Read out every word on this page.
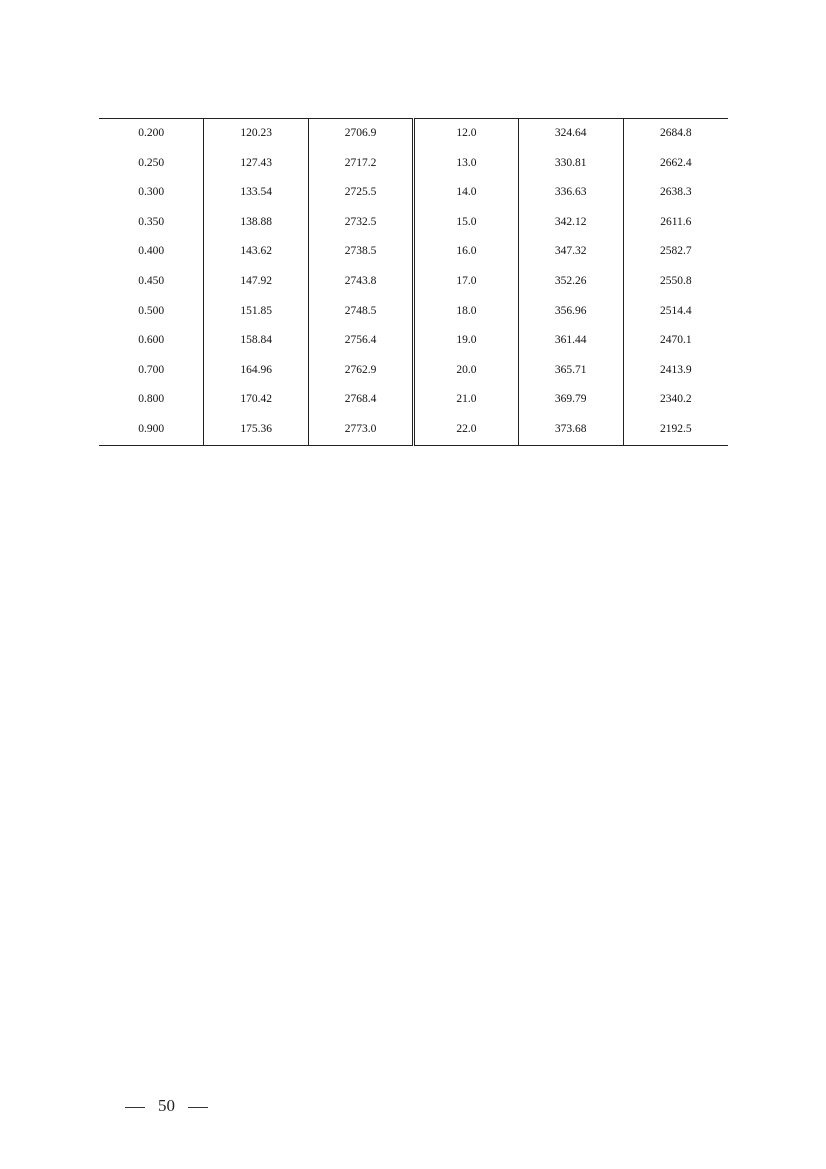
0.200	120.23	2706.9	12.0	324.64	2684.8
0.250	127.43	2717.2	13.0	330.81	2662.4
0.300	133.54	2725.5	14.0	336.63	2638.3
0.350	138.88	2732.5	15.0	342.12	2611.6
0.400	143.62	2738.5	16.0	347.32	2582.7
0.450	147.92	2743.8	17.0	352.26	2550.8
0.500	151.85	2748.5	18.0	356.96	2514.4
0.600	158.84	2756.4	19.0	361.44	2470.1
0.700	164.96	2762.9	20.0	365.71	2413.9
0.800	170.42	2768.4	21.0	369.79	2340.2
0.900	175.36	2773.0	22.0	373.68	2192.5

50
